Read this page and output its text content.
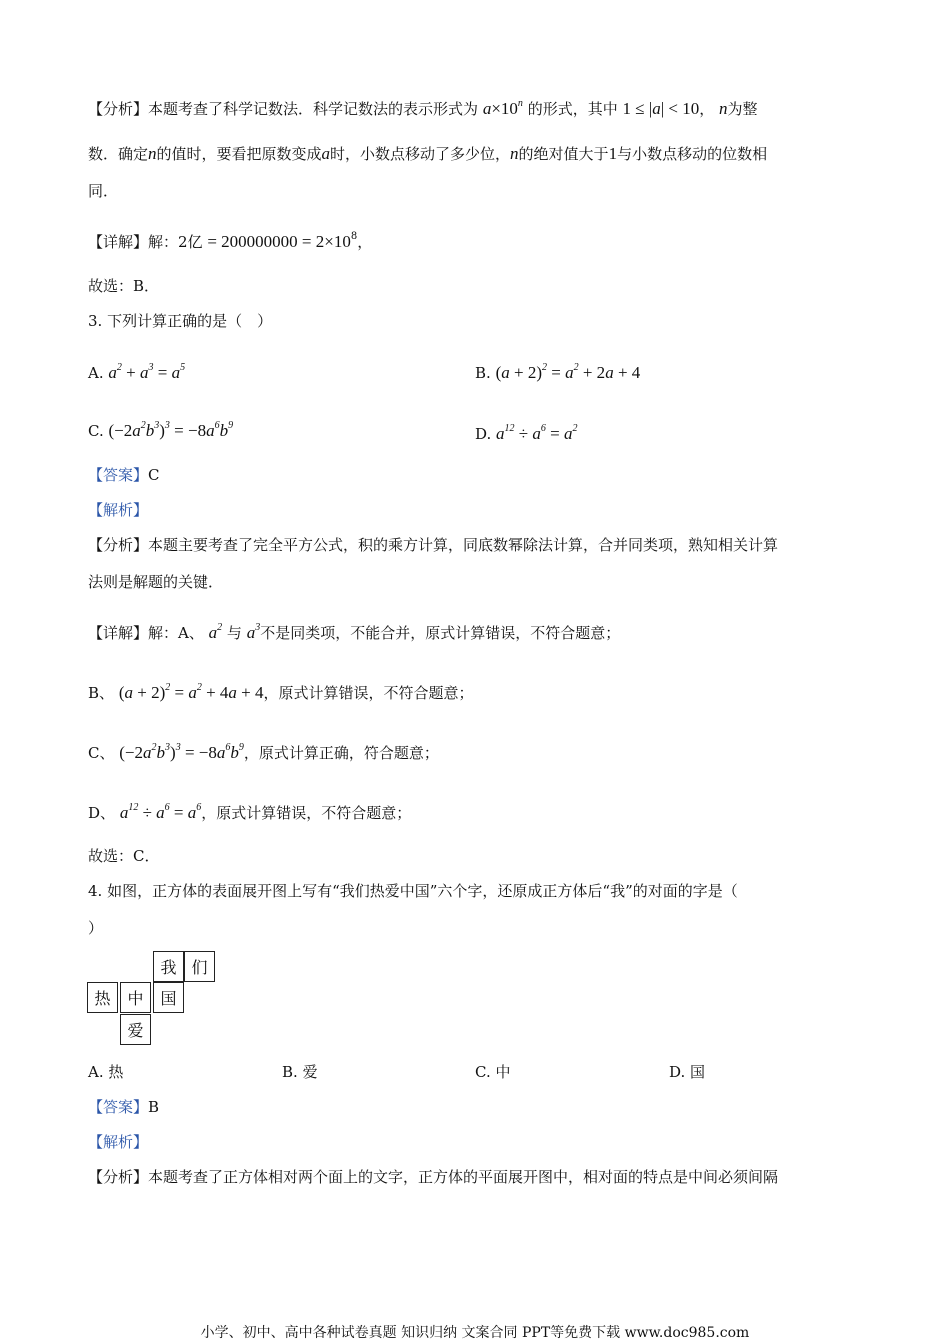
【分析】本题考查了科学记数法．科学记数法的表示形式为 $a\times 10^n$ 的形式，其中 1 ≤ |a| < 10， n为整
数．确定n的值时，要看把原数变成a时，小数点移动了多少位，n的绝对值大于1与小数点移动的位数相
同．
【详解】解：2亿 = $200000000 = 2\times 10^8$，
故选：B．
3. 下列计算正确的是（　）
A. $a^2 + a^3 = a^5$	B. $(a + 2)^2 = a^2 + 2a + 4$
C. $(-2a^2b^3)^3 = -8a^6b^9$	D. $a^{12} \div a^6 = a^2$
【答案】C
【解析】
【分析】本题主要考查了完全平方公式，积的乘方计算，同底数幂除法计算，合并同类项，熟知相关计算
法则是解题的关键．
【详解】解：A、 $a^2$ 与 $a^3$不是同类项，不能合并，原式计算错误，不符合题意；
B、 $(a + 2)^2 = a^2 + 4a + 4$，原式计算错误，不符合题意；
C、 $(-2a^2b^3)^3 = -8a^6b^9$，原式计算正确，符合题意；
D、 $a^{12} \div a^6 = a^6$，原式计算错误，不符合题意；
故选：C．
4. 如图，正方体的表面展开图上写有“我们热爱中国”六个字，还原成正方体后“我”的对面的字是（
）
我 们
热	中	国
爱
A. 热	B. 爱	C. 中	D. 国
【答案】B
【解析】
【分析】本题考查了正方体相对两个面上的文字，正方体的平面展开图中，相对面的特点是中间必须间隔
小学、初中、高中各种试卷真题 知识归纳 文案合同 PPT等免费下载 www.doc985.com
